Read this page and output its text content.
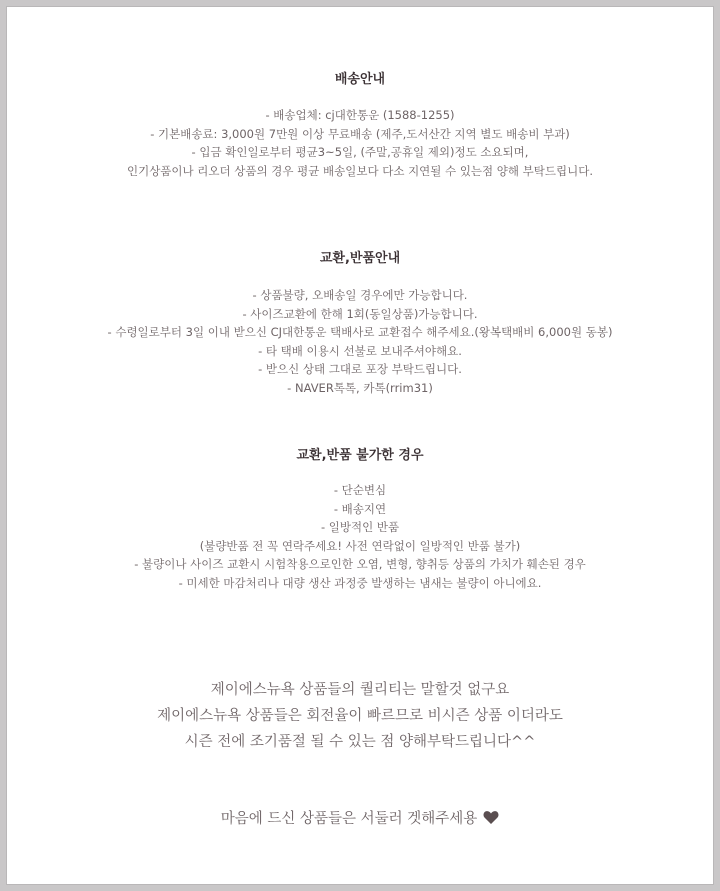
배송안내
- 배송업체: cj대한통운 (1588-1255)
- 기본배송료: 3,000원 7만원 이상 무료배송 (제주,도서산간 지역 별도 배송비 부과)
- 입금 확인일로부터 평균3~5일, (주말,공휴일 제외)정도 소요되며,
인기상품이나 리오더 상품의 경우 평균 배송일보다 다소 지연될 수 있는점 양해 부탁드립니다.
교환,반품안내
- 상품불량, 오배송일 경우에만 가능합니다.
- 사이즈교환에 한해 1회(동일상품)가능합니다.
- 수령일로부터 3일 이내 받으신 CJ대한통운 택배사로 교환접수 해주세요.(왕복택배비 6,000원 동봉)
- 타 택배 이용시 선불로 보내주셔야해요.
- 받으신 상태 그대로 포장 부탁드립니다.
- NAVER톡톡, 카톡(rrim31)
교환,반품 불가한 경우
- 단순변심
- 배송지연
- 일방적인 반품
(불량반품 전 꼭 연락주세요! 사전 연락없이 일방적인 반품 불가)
- 불량이나 사이즈 교환시 시험착용으로인한 오염, 변형, 향취등 상품의 가치가 훼손된 경우
- 미세한 마감처리나 대량 생산 과정중 발생하는 냄새는 불량이 아니에요.
제이에스뉴욕 상품들의 퀄리티는 말할것 없구요
제이에스뉴욕 상품들은 회전율이 빠르므로 비시즌 상품 이더라도
시즌 전에 조기품절 될 수 있는 점 양해부탁드립니다^^
마음에 드신 상품들은 서둘러 겟해주세용
